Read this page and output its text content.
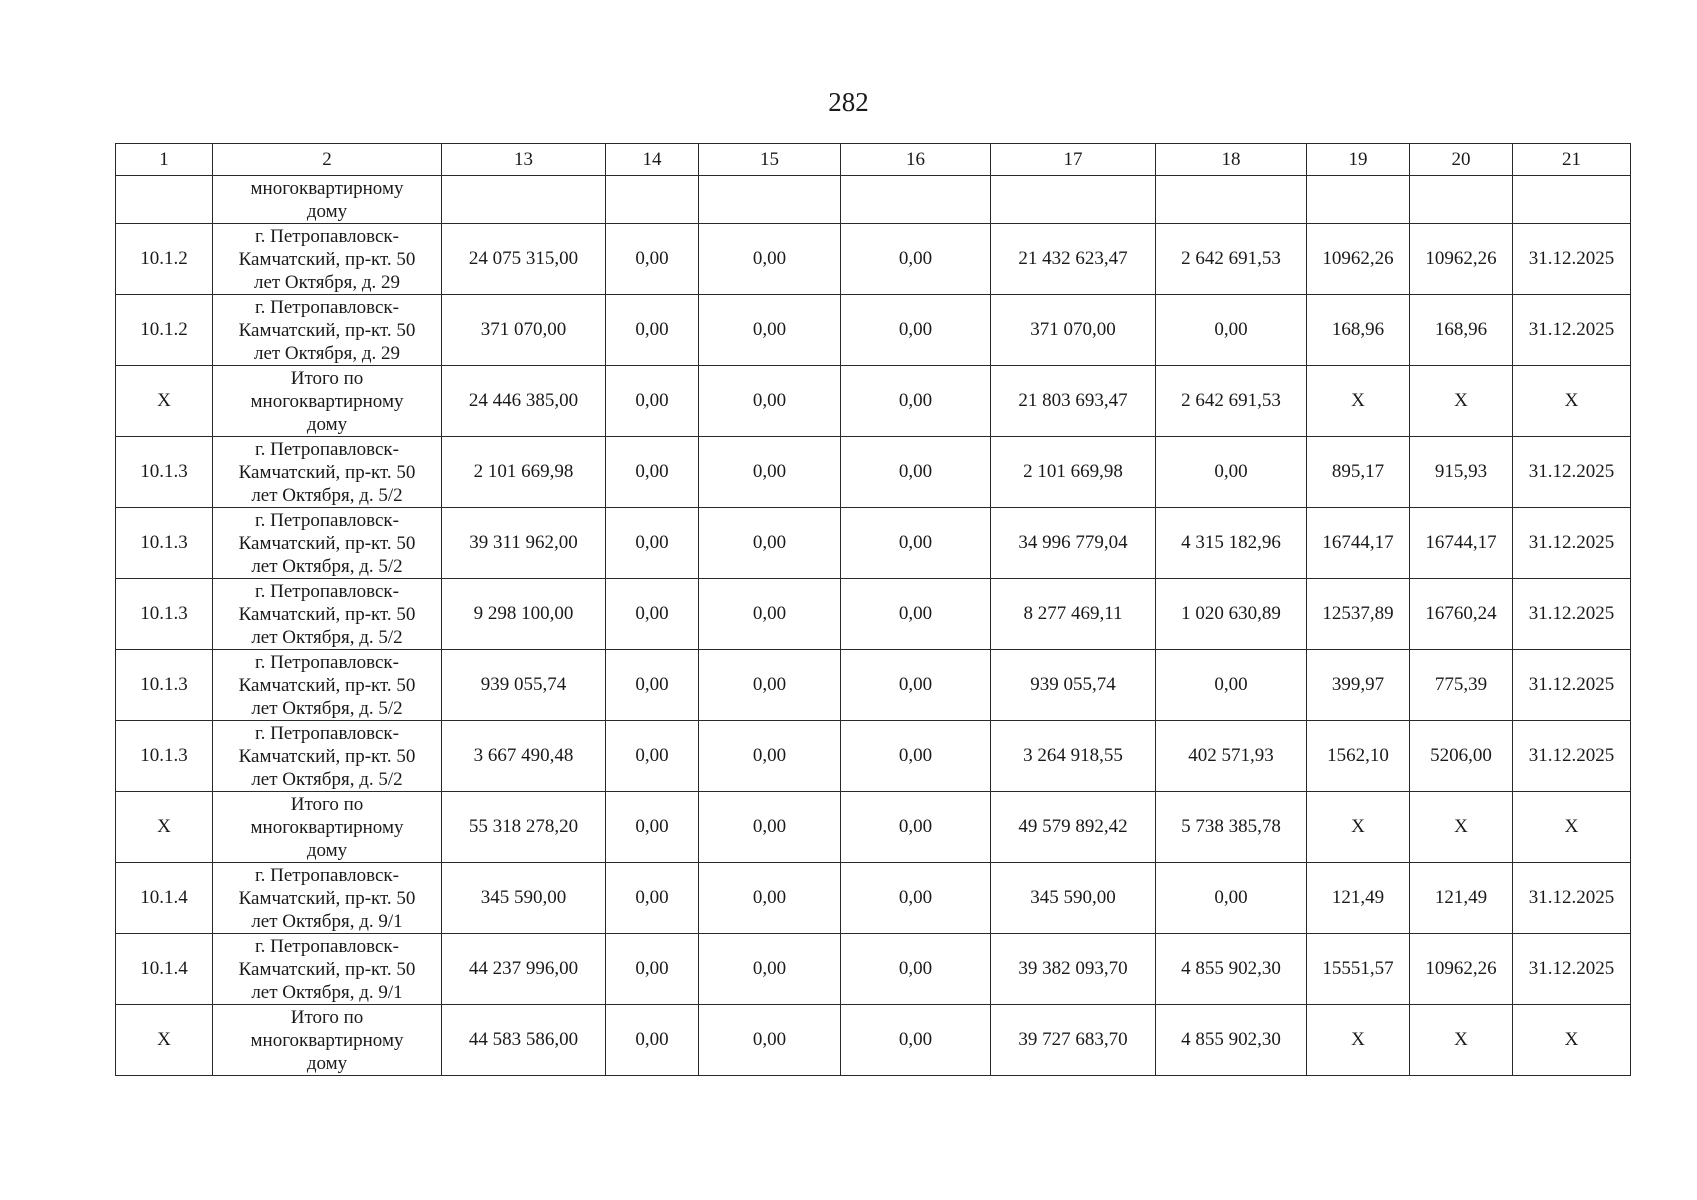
282
1	2	13	14	15	16	17	18	19	20	21

	многоквартирному
дому									

10.1.2	г. Петропавловск-
Камчатский, пр-кт. 50
лет Октября, д. 29	24 075 315,00	0,00	0,00	0,00	21 432 623,47	2 642 691,53	10962,26	10962,26	31.12.2025
10.1.2	г. Петропавловск-
Камчатский, пр-кт. 50
лет Октября, д. 29	371 070,00	0,00	0,00	0,00	371 070,00	0,00	168,96	168,96	31.12.2025
X	Итого по
многоквартирному
дому	24 446 385,00	0,00	0,00	0,00	21 803 693,47	2 642 691,53	X	X	X
10.1.3	г. Петропавловск-
Камчатский, пр-кт. 50
лет Октября, д. 5/2	2 101 669,98	0,00	0,00	0,00	2 101 669,98	0,00	895,17	915,93	31.12.2025
10.1.3	г. Петропавловск-
Камчатский, пр-кт. 50
лет Октября, д. 5/2	39 311 962,00	0,00	0,00	0,00	34 996 779,04	4 315 182,96	16744,17	16744,17	31.12.2025
10.1.3	г. Петропавловск-
Камчатский, пр-кт. 50
лет Октября, д. 5/2	9 298 100,00	0,00	0,00	0,00	8 277 469,11	1 020 630,89	12537,89	16760,24	31.12.2025
10.1.3	г. Петропавловск-
Камчатский, пр-кт. 50
лет Октября, д. 5/2	939 055,74	0,00	0,00	0,00	939 055,74	0,00	399,97	775,39	31.12.2025
10.1.3	г. Петропавловск-
Камчатский, пр-кт. 50
лет Октября, д. 5/2	3 667 490,48	0,00	0,00	0,00	3 264 918,55	402 571,93	1562,10	5206,00	31.12.2025
X	Итого по
многоквартирному
дому	55 318 278,20	0,00	0,00	0,00	49 579 892,42	5 738 385,78	X	X	X
10.1.4	г. Петропавловск-
Камчатский, пр-кт. 50
лет Октября, д. 9/1	345 590,00	0,00	0,00	0,00	345 590,00	0,00	121,49	121,49	31.12.2025
10.1.4	г. Петропавловск-
Камчатский, пр-кт. 50
лет Октября, д. 9/1	44 237 996,00	0,00	0,00	0,00	39 382 093,70	4 855 902,30	15551,57	10962,26	31.12.2025
X	Итого по
многоквартирному
дому	44 583 586,00	0,00	0,00	0,00	39 727 683,70	4 855 902,30	X	X	X
